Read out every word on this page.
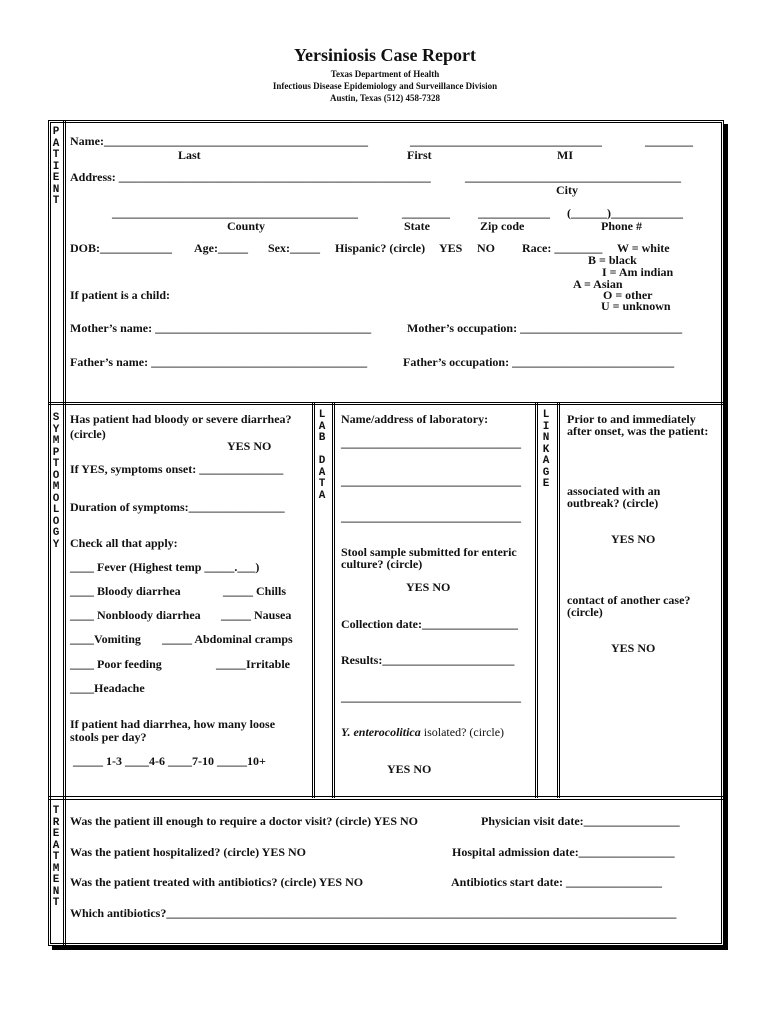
Yersiniosis Case Report
Texas Department of Health
Infectious Disease Epidemiology and Surveillance Division
Austin, Texas (512) 458-7328
P
A
T
I
E
N
T
S
Y
M
P
T
O
M
O
L
O
G
Y
L
A
B

D
A
T
A
L
I
N
K
A
G
E
T
R
E
A
T
M
E
N
T
Name:____________________________________________	________________________________	________
Last	First	MI
Address: ____________________________________________________	____________________________________
City
_________________________________________	________ ____________ (______)____________
County	State	Zip code	Phone #
DOB:____________ Age:_____ Sex:_____ Hispanic? (circle) YES NO Race: ________ W = white
B = black
I = Am indian
A = Asian
O = other
U = unknown
If patient is a child:
Mother’s name: ____________________________________	Mother’s occupation: ___________________________
Father’s name: ____________________________________	Father’s occupation: ___________________________
Has patient had bloody or severe diarrhea?
(circle)
YES NO
If YES, symptoms onset: ______________
Duration of symptoms:________________
Check all that apply:
____ Fever (Highest temp _____.___)
____ Bloody diarrhea	_____ Chills
____ Nonbloody diarrhea _____ Nausea
____Vomiting _____ Abdominal cramps
____ Poor feeding	_____Irritable
____Headache
If patient had diarrhea, how many loose
stools per day?
_____ 1-3 ____4-6 ____7-10 _____10+
Name/address of laboratory:
______________________________
______________________________
______________________________
Stool sample submitted for enteric
culture? (circle)
YES NO
Collection date:________________
Results:______________________
______________________________
Y. enterocolitica isolated? (circle)
YES NO
Prior to and immediately
after onset, was the patient:
associated with an
outbreak? (circle)
YES NO
contact of another case?
(circle)
YES NO
Was the patient ill enough to require a doctor visit? (circle) YES NO	Physician visit date:________________
Was the patient hospitalized? (circle) YES NO	Hospital admission date:________________
Was the patient treated with antibiotics? (circle) YES NO	Antibiotics start date: ________________
Which antibiotics?_____________________________________________________________________________________
